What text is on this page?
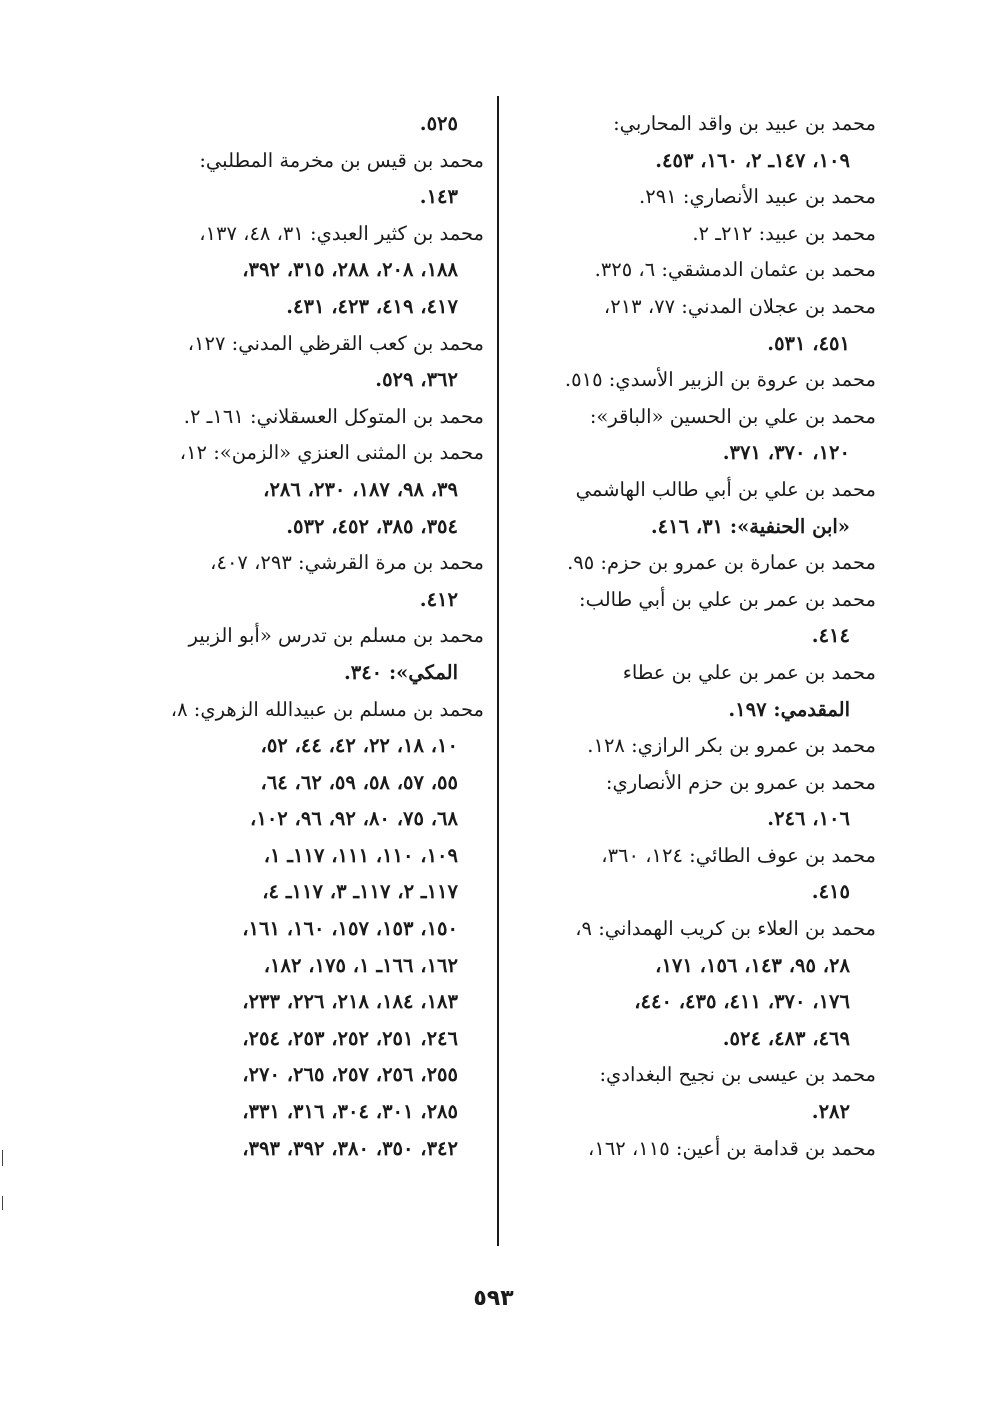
محمد بن عبيد بن واقد المحاربي:
١٠٩، ١٤٧ـ ٢، ١٦٠، ٤٥٣.
محمد بن عبيد الأنصاري: ٢٩١.
محمد بن عبيد: ٢١٢ـ ٢.
محمد بن عثمان الدمشقي: ٦، ٣٢٥.
محمد بن عجلان المدني: ٧٧، ٢١٣،
٤٥١، ٥٣١.
محمد بن عروة بن الزبير الأسدي: ٥١٥.
محمد بن علي بن الحسين «الباقر»:
١٢٠، ٣٧٠، ٣٧١.
محمد بن علي بن أبي طالب الهاشمي
«ابن الحنفية»: ٣١، ٤١٦.
محمد بن عمارة بن عمرو بن حزم: ٩٥.
محمد بن عمر بن علي بن أبي طالب:
٤١٤.
محمد بن عمر بن علي بن عطاء
المقدمي: ١٩٧.
محمد بن عمرو بن بكر الرازي: ١٢٨.
محمد بن عمرو بن حزم الأنصاري:
١٠٦، ٢٤٦.
محمد بن عوف الطائي: ١٢٤، ٣٦٠،
٤١٥.
محمد بن العلاء بن كريب الهمداني: ٩،
٢٨، ٩٥، ١٤٣، ١٥٦، ١٧١،
١٧٦، ٣٧٠، ٤١١، ٤٣٥، ٤٤٠،
٤٦٩، ٤٨٣، ٥٢٤.
محمد بن عيسى بن نجيح البغدادي:
٢٨٢.
محمد بن قدامة بن أعين: ١١٥، ١٦٢،
٥٢٥.
محمد بن قيس بن مخرمة المطلبي:
١٤٣.
محمد بن كثير العبدي: ٣١، ٤٨، ١٣٧،
١٨٨، ٢٠٨، ٢٨٨، ٣١٥، ٣٩٢،
٤١٧، ٤١٩، ٤٢٣، ٤٣١.
محمد بن كعب القرظي المدني: ١٢٧،
٣٦٢، ٥٢٩.
محمد بن المتوكل العسقلاني: ١٦١ـ ٢.
محمد بن المثنى العنزي «الزمن»: ١٢،
٣٩، ٩٨، ١٨٧، ٢٣٠، ٢٨٦،
٣٥٤، ٣٨٥، ٤٥٢، ٥٣٢.
محمد بن مرة القرشي: ٢٩٣، ٤٠٧،
٤١٢.
محمد بن مسلم بن تدرس «أبو الزبير
المكي»: ٣٤٠.
محمد بن مسلم بن عبيدالله الزهري: ٨،
١٠، ١٨، ٢٢، ٤٢، ٤٤، ٥٢،
٥٥، ٥٧، ٥٨، ٥٩، ٦٢، ٦٤،
٦٨، ٧٥، ٨٠، ٩٢، ٩٦، ١٠٢،
١٠٩، ١١٠، ١١١، ١١٧ـ ١،
١١٧ـ ٢، ١١٧ـ ٣، ١١٧ـ ٤،
١٥٠، ١٥٣، ١٥٧، ١٦٠، ١٦١،
١٦٢، ١٦٦ـ ١، ١٧٥، ١٨٢،
١٨٣، ١٨٤، ٢١٨، ٢٢٦، ٢٣٣،
٢٤٦، ٢٥١، ٢٥٢، ٢٥٣، ٢٥٤،
٢٥٥، ٢٥٦، ٢٥٧، ٢٦٥، ٢٧٠،
٢٨٥، ٣٠١، ٣٠٤، ٣١٦، ٣٣١،
٣٤٢، ٣٥٠، ٣٨٠، ٣٩٢، ٣٩٣،
٥٩٣
